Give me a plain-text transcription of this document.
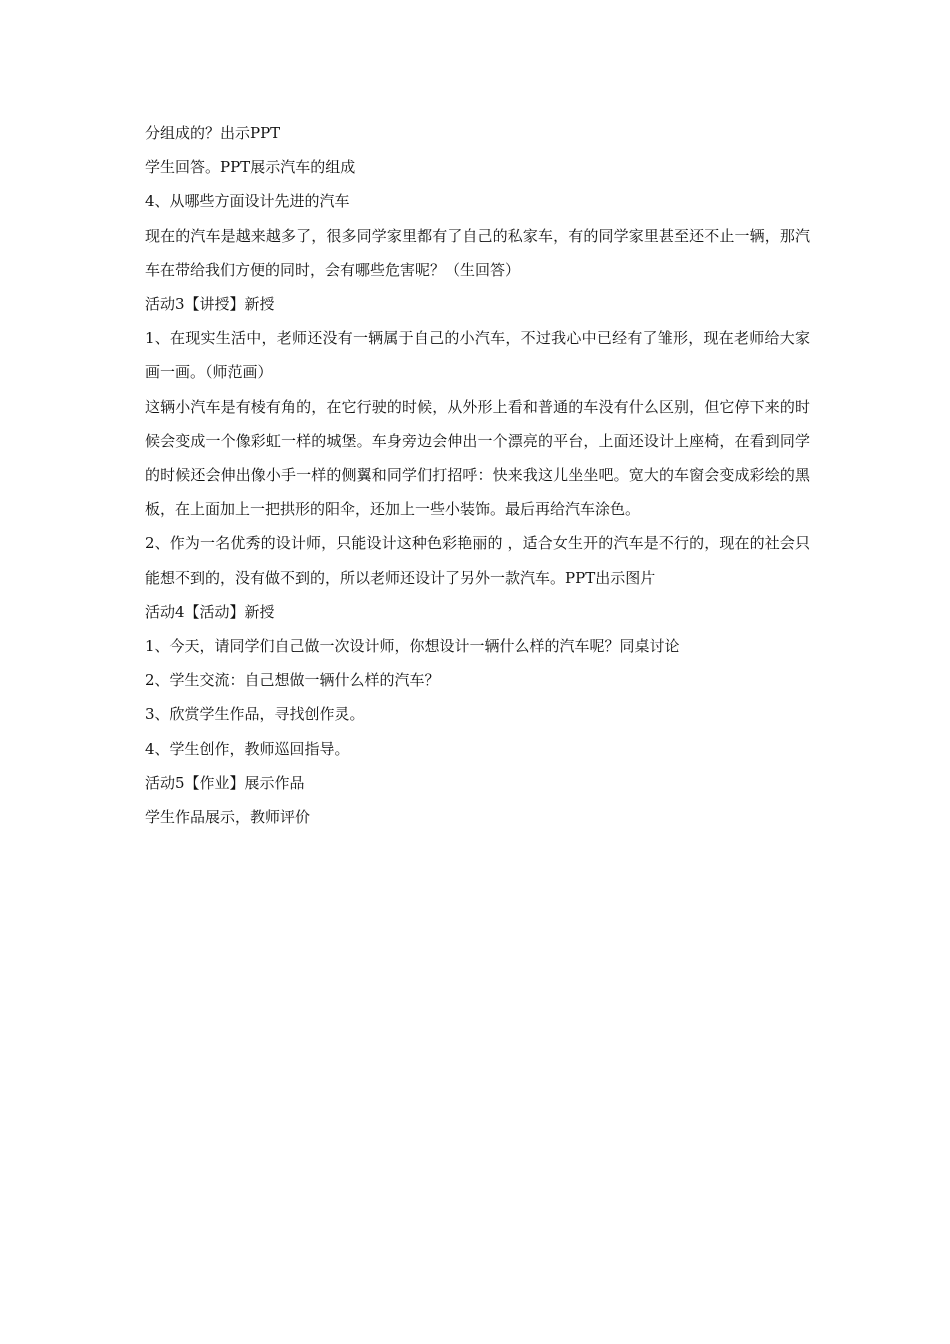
分组成的？出示PPT

学生回答。PPT展示汽车的组成

4、从哪些方面设计先进的汽车

现在的汽车是越来越多了，很多同学家里都有了自己的私家车，有的同学家里甚至还不止一辆，那汽车在带给我们方便的同时，会有哪些危害呢？（生回答）

活动3【讲授】新授

1、在现实生活中，老师还没有一辆属于自己的小汽车，不过我心中已经有了雏形，现在老师给大家画一画。（师范画）

这辆小汽车是有棱有角的，在它行驶的时候，从外形上看和普通的车没有什么区别，但它停下来的时候会变成一个像彩虹一样的城堡。车身旁边会伸出一个漂亮的平台，上面还设计上座椅，在看到同学的时候还会伸出像小手一样的侧翼和同学们打招呼：快来我这儿坐坐吧。宽大的车窗会变成彩绘的黑板，在上面加上一把拱形的阳伞，还加上一些小装饰。最后再给汽车涂色。

2、作为一名优秀的设计师，只能设计这种色彩艳丽的 ，适合女生开的汽车是不行的，现在的社会只能想不到的，没有做不到的，所以老师还设计了另外一款汽车。PPT出示图片

活动4【活动】新授

1、今天，请同学们自己做一次设计师，你想设计一辆什么样的汽车呢？同桌讨论

2、学生交流：自己想做一辆什么样的汽车？

3、欣赏学生作品，寻找创作灵。

4、学生创作，教师巡回指导。

活动5【作业】展示作品

学生作品展示，教师评价
